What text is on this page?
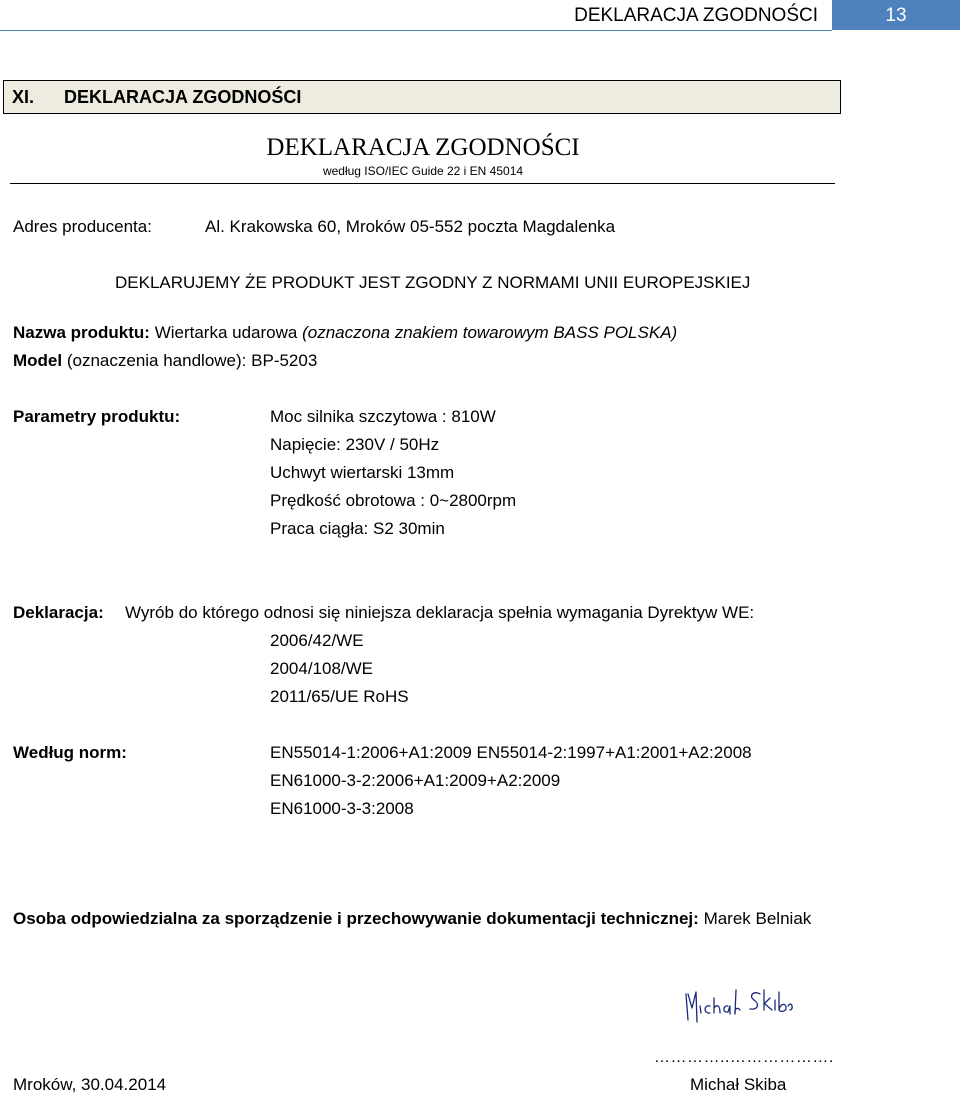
DEKLARACJA ZGODNOŚCI	13
XI. DEKLARACJA ZGODNOŚCI
DEKLARACJA ZGODNOŚCI
według ISO/IEC Guide 22 i EN 45014
Adres producenta:	Al. Krakowska 60, Mroków 05-552 poczta Magdalenka
DEKLARUJEMY ŻE PRODUKT JEST ZGODNY Z NORMAMI UNII EUROPEJSKIEJ
Nazwa produktu: Wiertarka udarowa (oznaczona znakiem towarowym BASS POLSKA)
Model (oznaczenia handlowe): BP-5203
Parametry produktu:	Moc silnika szczytowa : 810W
Napięcie: 230V / 50Hz
Uchwyt wiertarski 13mm
Prędkość obrotowa : 0~2800rpm
Praca ciągła: S2 30min
Deklaracja: Wyrób do którego odnosi się niniejsza deklaracja spełnia wymagania Dyrektyw WE:
2006/42/WE
2004/108/WE
2011/65/UE RoHS
Według norm:	EN55014-1:2006+A1:2009 EN55014-2:1997+A1:2001+A2:2008
EN61000-3-2:2006+A1:2009+A2:2009
EN61000-3-3:2008
Osoba odpowiedzialna za sporządzenie i przechowywanie dokumentacji technicznej: Marek Belniak
…………..……………….
Mroków, 30.04.2014	Michał Skiba
